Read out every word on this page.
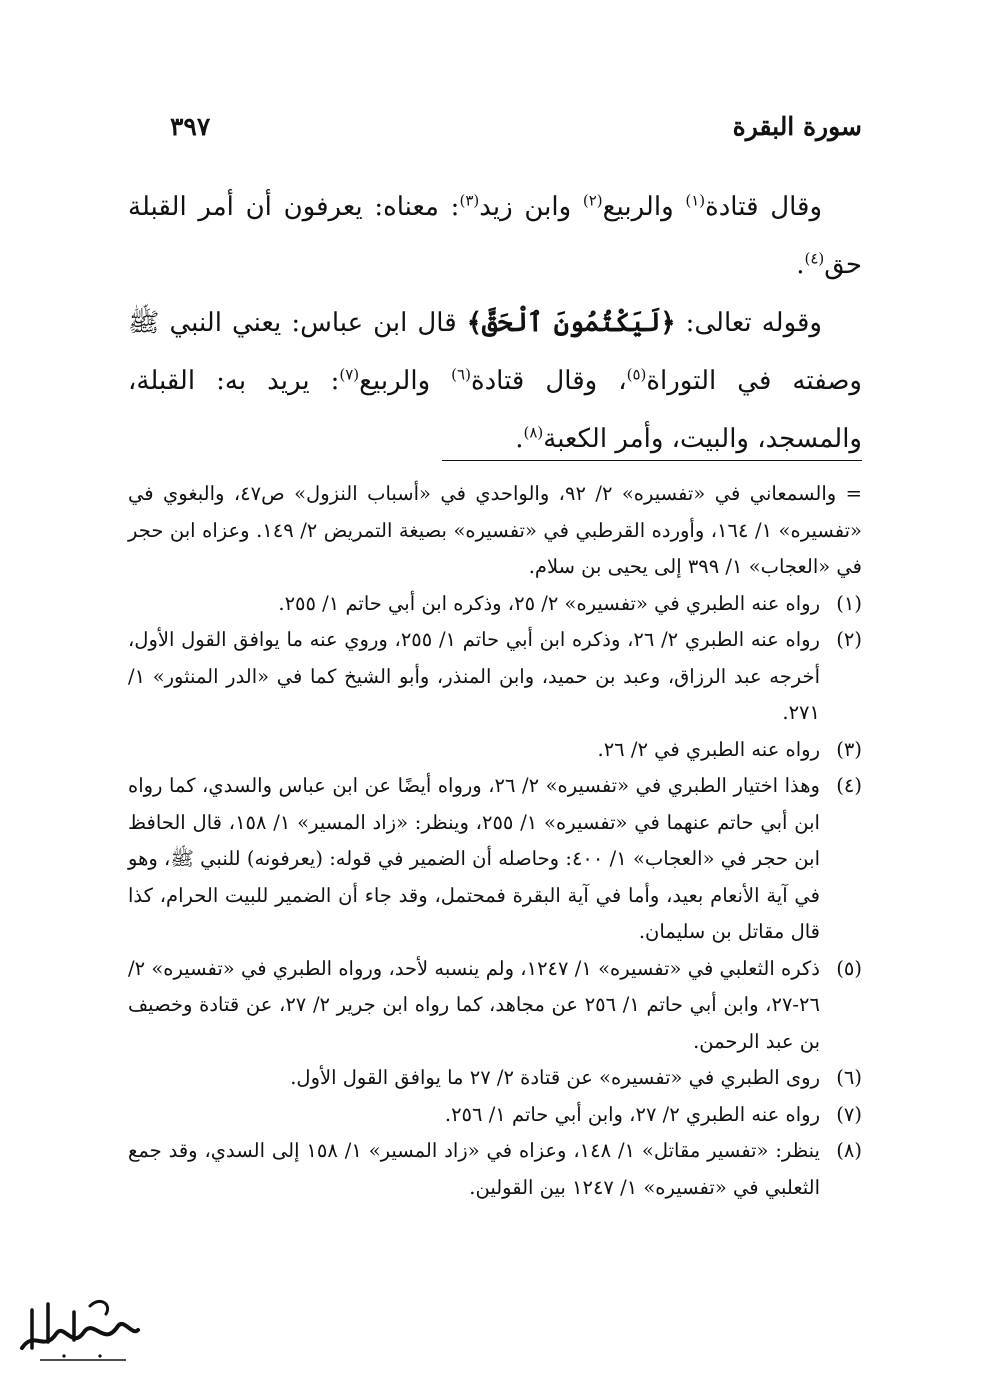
سورة البقرة
٣٩٧

وقال قتادة$^{(١)}$ والربيع$^{(٢)}$ وابن زيد$^{(٣)}$: معناه: يعرفون أن أمر القبلة حق$^{(٤)}$.

وقوله تعالى: ﴿لَيَكْتُمُونَ ٱلْحَقَّ﴾ قال ابن عباس: يعني النبي ﷺ وصفته في التوراة$^{(٥)}$، وقال قتادة$^{(٦)}$ والربيع$^{(٧)}$: يريد به: القبلة، والمسجد، والبيت، وأمر الكعبة$^{(٨)}$.

= والسمعاني في «تفسيره» ٢/ ٩٢، والواحدي في «أسباب النزول» ص٤٧، والبغوي في «تفسيره» ١/ ١٦٤، وأورده القرطبي في «تفسيره» بصيغة التمريض ٢/ ١٤٩. وعزاه ابن حجر في «العجاب» ١/ ٣٩٩ إلى يحيى بن سلام.

(١)
رواه عنه الطبري في «تفسيره» ٢/ ٢٥، وذكره ابن أبي حاتم ١/ ٢٥٥.
(٢)
رواه عنه الطبري ٢/ ٢٦، وذكره ابن أبي حاتم ١/ ٢٥٥، وروي عنه ما يوافق القول الأول، أخرجه عبد الرزاق، وعبد بن حميد، وابن المنذر، وأبو الشيخ كما في «الدر المنثور» ١/ ٢٧١.
(٣)
رواه عنه الطبري في ٢/ ٢٦.
(٤)
وهذا اختيار الطبري في «تفسيره» ٢/ ٢٦، ورواه أيضًا عن ابن عباس والسدي، كما رواه ابن أبي حاتم عنهما في «تفسيره» ١/ ٢٥٥، وينظر: «زاد المسير» ١/ ١٥٨، قال الحافظ ابن حجر في «العجاب» ١/ ٤٠٠: وحاصله أن الضمير في قوله: (يعرفونه) للنبي ﷺ، وهو في آية الأنعام بعيد، وأما في آية البقرة فمحتمل، وقد جاء أن الضمير للبيت الحرام، كذا قال مقاتل بن سليمان.
(٥)
ذكره الثعلبي في «تفسيره» ١/ ١٢٤٧، ولم ينسبه لأحد، ورواه الطبري في «تفسيره» ٢/ ٢٦-٢٧، وابن أبي حاتم ١/ ٢٥٦ عن مجاهد، كما رواه ابن جرير ٢/ ٢٧، عن قتادة وخصيف بن عبد الرحمن.
(٦)
روى الطبري في «تفسيره» عن قتادة ٢/ ٢٧ ما يوافق القول الأول.
(٧)
رواه عنه الطبري ٢/ ٢٧، وابن أبي حاتم ١/ ٢٥٦.
(٨)
ينظر: «تفسير مقاتل» ١/ ١٤٨، وعزاه في «زاد المسير» ١/ ١٥٨ إلى السدي، وقد جمع الثعلبي في «تفسيره» ١/ ١٢٤٧ بين القولين.
